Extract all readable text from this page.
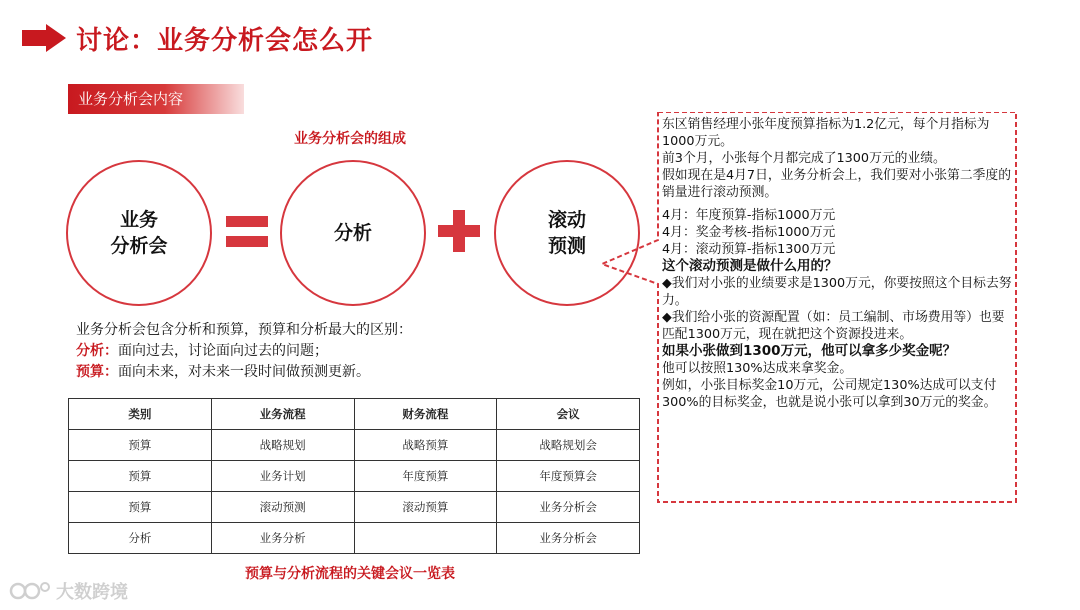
讨论：业务分析会怎么开
业务分析会内容
业务分析会的组成
业务
分析会
分析
滚动
预测
业务分析会包含分析和预算，预算和分析最大的区别：
分析：面向过去，讨论面向过去的问题；
预算：面向未来，对未来一段时间做预测更新。
类别	业务流程	财务流程	会议
预算	战略规划	战略预算	战略规划会
预算	业务计划	年度预算	年度预算会
预算	滚动预测	滚动预算	业务分析会
分析	业务分析		业务分析会
预算与分析流程的关键会议一览表

东区销售经理小张年度预算指标为1.2亿元，每个月指标为1000万元。

前3个月，小张每个月都完成了1300万元的业绩。

假如现在是4月7日，业务分析会上，我们要对小张第二季度的销量进行滚动预测。

4月：年度预算-指标1000万元

4月：奖金考核-指标1000万元

4月：滚动预算-指标1300万元

这个滚动预测是做什么用的？

◆我们对小张的业绩要求是1300万元，你要按照这个目标去努力。

◆我们给小张的资源配置（如：员工编制、市场费用等）也要匹配1300万元，现在就把这个资源投进来。

如果小张做到1300万元，他可以拿多少奖金呢？

他可以按照130%达成来拿奖金。

例如，小张目标奖金10万元，公司规定130%达成可以支付300%的目标奖金，也就是说小张可以拿到30万元的奖金。

大数跨境
